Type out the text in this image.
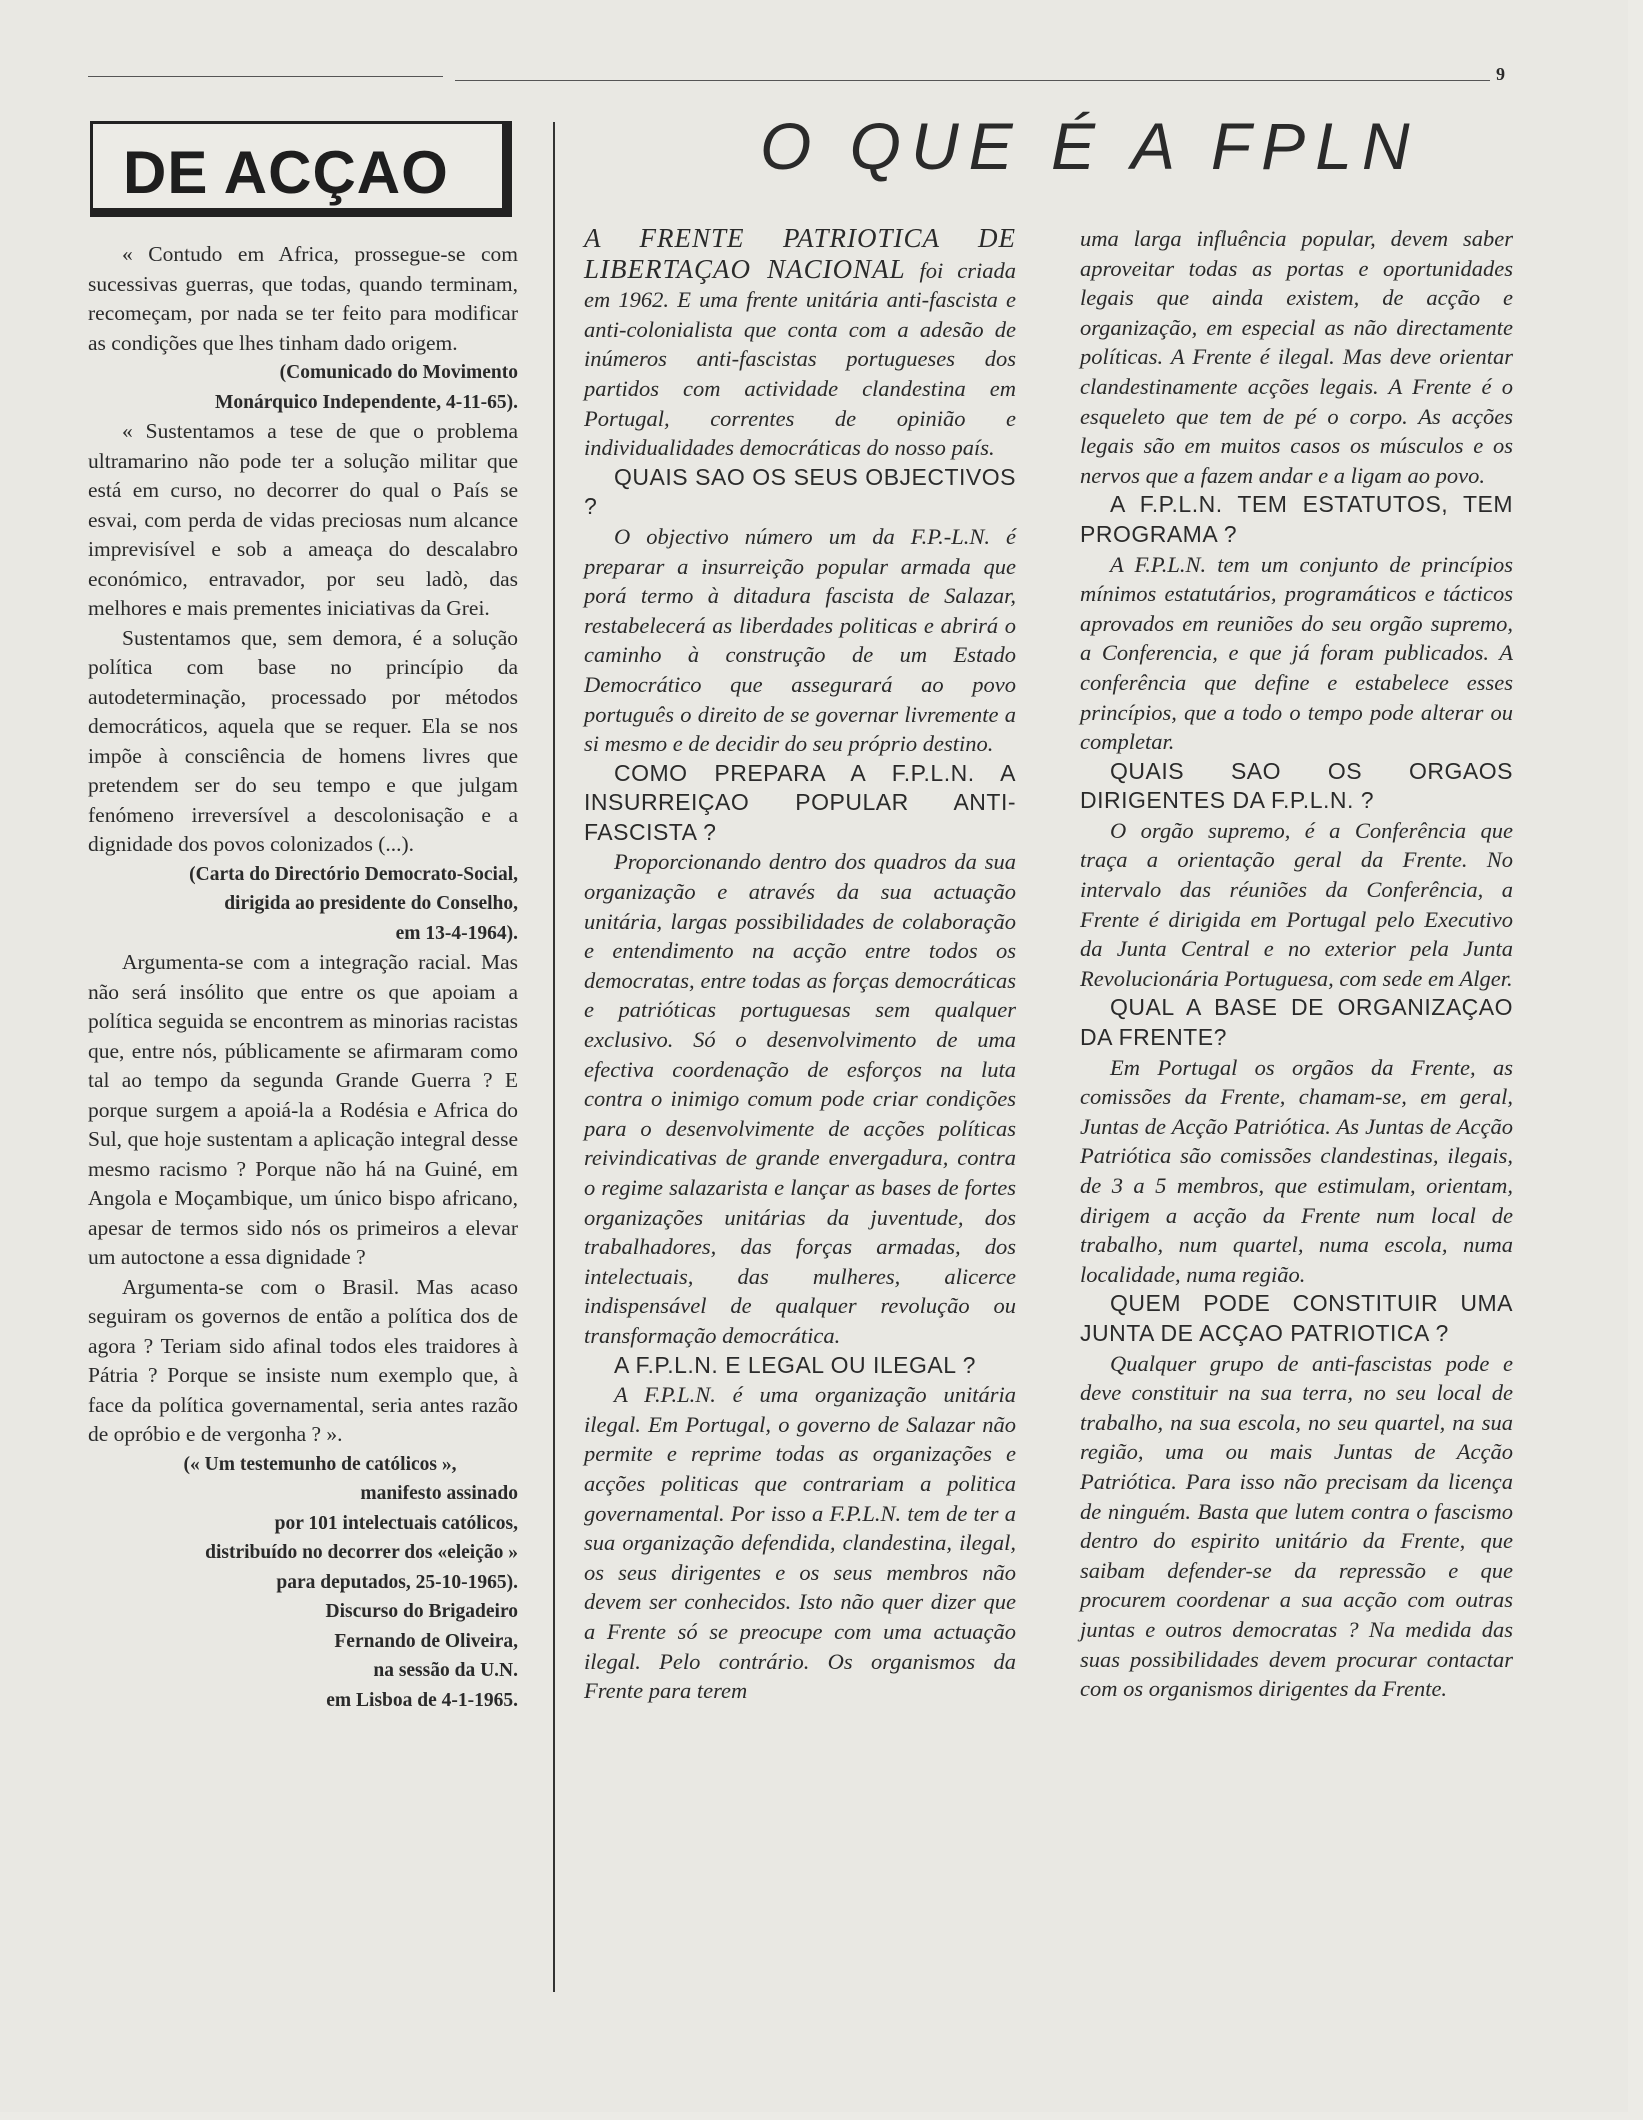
9
DE ACÇAO	O QUE É A FPLN

« Contudo em Africa, prossegue-se com sucessivas guerras, que todas, quando terminam, recomeçam, por nada se ter feito para modificar as condições que lhes tinham dado origem.

(Comunicado do Movimento

Monárquico Independente, 4-11-65).

« Sustentamos a tese de que o problema ultramarino não pode ter a solução militar que está em curso, no decorrer do qual o País se esvai, com perda de vidas preciosas num alcance imprevisível e sob a ameaça do descalabro económico, entravador, por seu ladò, das melhores e mais prementes iniciativas da Grei.

Sustentamos que, sem demora, é a solução política com base no princípio da autodeterminação, processado por métodos democráticos, aquela que se requer. Ela se nos impõe à consciência de homens livres que pretendem ser do seu tempo e que julgam fenómeno irreversível a descolonisação e a dignidade dos povos colonizados (...).

(Carta do Directório Democrato-Social,

dirigida ao presidente do Conselho,

em 13-4-1964).

Argumenta-se com a integração racial. Mas não será insólito que entre os que apoiam a política seguida se encontrem as minorias racistas que, entre nós, públicamente se afirmaram como tal ao tempo da segunda Grande Guerra ? E porque surgem a apoiá-la a Rodésia e Africa do Sul, que hoje sustentam a aplicação integral desse mesmo racismo ? Porque não há na Guiné, em Angola e Moçambique, um único bispo africano, apesar de termos sido nós os primeiros a elevar um autoctone a essa dignidade ?

Argumenta-se com o Brasil. Mas acaso seguiram os governos de então a política dos de agora ? Teriam sido afinal todos eles traidores à Pátria ? Porque se insiste num exemplo que, à face da política governamental, seria antes razão de opróbio e de vergonha ? ».

(« Um testemunho de católicos »,

manifesto assinado

por 101 intelectuais católicos,

distribuído no decorrer dos «eleição »

para deputados, 25-10-1965).

Discurso do Brigadeiro

Fernando de Oliveira,

na sessão da U.N.

em Lisboa de 4-1-1965.

A FRENTE PATRIOTICA DE LIBERTAÇAO NACIONAL foi criada em 1962. E uma frente unitária anti-fascista e anti-colonialista que conta com a adesão de inúmeros anti-fascistas portugueses dos partidos com actividade clandestina em Portugal, correntes de opinião e individualidades democráticas do nosso país.

QUAIS SAO OS SEUS OBJECTIVOS ?

O objectivo número um da F.P.-L.N. é preparar a insurreição popular armada que porá termo à ditadura fascista de Salazar, restabelecerá as liberdades politicas e abrirá o caminho à construção de um Estado Democrático que assegurará ao povo português o direito de se governar livremente a si mesmo e de decidir do seu próprio destino.

COMO PREPARA A F.P.L.N. A INSURREIÇAO POPULAR ANTI-FASCISTA ?

Proporcionando dentro dos quadros da sua organização e através da sua actuação unitária, largas possibilidades de colaboração e entendimento na acção entre todos os democratas, entre todas as forças democráticas e patrióticas portuguesas sem qualquer exclusivo. Só o desenvolvimento de uma efectiva coordenação de esforços na luta contra o inimigo comum pode criar condições para o desenvolvimente de acções políticas reivindicativas de grande envergadura, contra o regime salazarista e lançar as bases de fortes organizações unitárias da juventude, dos trabalhadores, das forças armadas, dos intelectuais, das mulheres, alicerce indispensável de qualquer revolução ou transformação democrática.

A F.P.L.N. E LEGAL OU ILEGAL ?

A F.P.L.N. é uma organização unitária ilegal. Em Portugal, o governo de Salazar não permite e reprime todas as organizações e acções politicas que contrariam a politica governamental. Por isso a F.P.L.N. tem de ter a sua organização defendida, clandestina, ilegal, os seus dirigentes e os seus membros não devem ser conhecidos. Isto não quer dizer que a Frente só se preocupe com uma actuação ilegal. Pelo contrário. Os organismos da Frente para terem

uma larga influência popular, devem saber aproveitar todas as portas e oportunidades legais que ainda existem, de acção e organização, em especial as não directamente políticas. A Frente é ilegal. Mas deve orientar clandestinamente acções legais. A Frente é o esqueleto que tem de pé o corpo. As acções legais são em muitos casos os músculos e os nervos que a fazem andar e a ligam ao povo.

A F.P.L.N. TEM ESTATUTOS, TEM PROGRAMA ?

A F.P.L.N. tem um conjunto de princípios mínimos estatutários, programáticos e tácticos aprovados em reuniões do seu orgão supremo, a Conferencia, e que já foram publicados. A conferência que define e estabelece esses princípios, que a todo o tempo pode alterar ou completar.

QUAIS SAO OS ORGAOS DIRIGENTES DA F.P.L.N. ?

O orgão supremo, é a Conferência que traça a orientação geral da Frente. No intervalo das réuniões da Conferência, a Frente é dirigida em Portugal pelo Executivo da Junta Central e no exterior pela Junta Revolucionária Portuguesa, com sede em Alger.

QUAL A BASE DE ORGANIZAÇAO DA FRENTE?

Em Portugal os orgãos da Frente, as comissões da Frente, chamam-se, em geral, Juntas de Acção Patriótica. As Juntas de Acção Patriótica são comissões clandestinas, ilegais, de 3 a 5 membros, que estimulam, orientam, dirigem a acção da Frente num local de trabalho, num quartel, numa escola, numa localidade, numa região.

QUEM PODE CONSTITUIR UMA JUNTA DE ACÇAO PATRIOTICA ?

Qualquer grupo de anti-fascistas pode e deve constituir na sua terra, no seu local de trabalho, na sua escola, no seu quartel, na sua região, uma ou mais Juntas de Acção Patriótica. Para isso não precisam da licença de ninguém. Basta que lutem contra o fascismo dentro do espirito unitário da Frente, que saibam defender-se da repressão e que procurem coordenar a sua acção com outras juntas e outros democratas ? Na medida das suas possibilidades devem procurar contactar com os organismos dirigentes da Frente.
